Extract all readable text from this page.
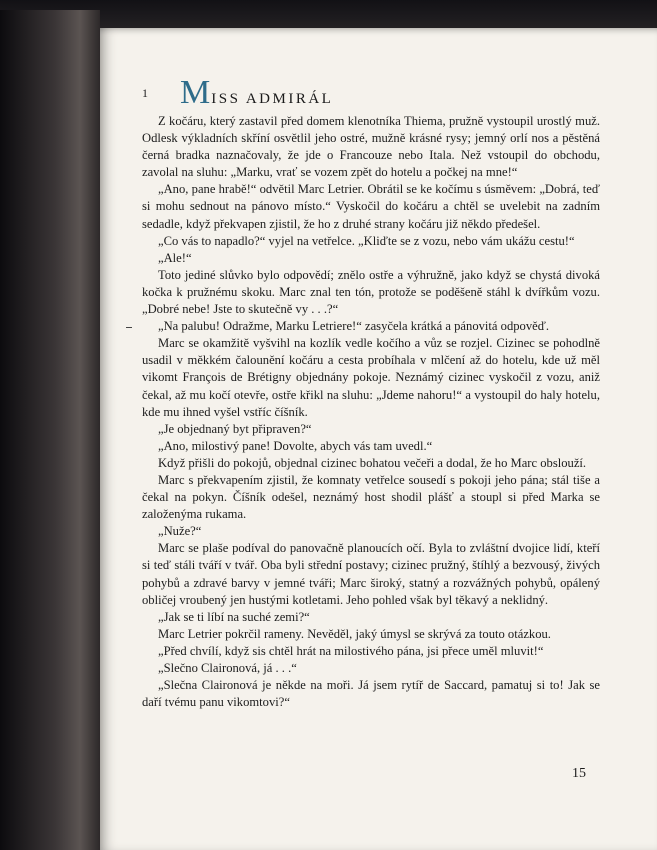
1 MISS ADMIRÁL

Z kočáru, který zastavil před domem klenotníka Thiema, pružně vystoupil urostlý muž. Odlesk výkladních skříní osvětlil jeho ostré, mužně krásné rysy; jemný orlí nos a pěstěná černá bradka naznačovaly, že jde o Francouze nebo Itala. Než vstoupil do obchodu, zavolal na sluhu: „Marku, vrať se vozem zpět do hotelu a počkej na mne!“

„Ano, pane hrabě!“ odvětil Marc Letrier. Obrátil se ke kočímu s úsměvem: „Dobrá, teď si mohu sednout na pánovo místo.“ Vyskočil do kočáru a chtěl se uvelebit na zadním sedadle, když překvapen zjistil, že ho z druhé strany kočáru již někdo předešel.

„Co vás to napadlo?“ vyjel na vetřelce. „Kliďte se z vozu, nebo vám ukážu cestu!“

„Ale!“

Toto jediné slůvko bylo odpovědí; znělo ostře a výhružně, jako když se chystá divoká kočka k pružnému skoku. Marc znal ten tón, protože se poděšeně stáhl k dvířkům vozu. „Dobré nebe! Jste to skutečně vy . . .?“

„Na palubu! Odražme, Marku Letriere!“ zasyčela krátká a pánovitá odpověď.

Marc se okamžitě vyšvihl na kozlík vedle kočího a vůz se rozjel. Cizinec se pohodlně usadil v měkkém čalounění kočáru a cesta probíhala v mlčení až do hotelu, kde už měl vikomt François de Brétigny objednány pokoje. Neznámý cizinec vyskočil z vozu, aniž čekal, až mu kočí otevře, ostře křikl na sluhu: „Jdeme nahoru!“ a vystoupil do haly hotelu, kde mu ihned vyšel vstříc číšník.

„Je objednaný byt připraven?“

„Ano, milostivý pane! Dovolte, abych vás tam uvedl.“

Když přišli do pokojů, objednal cizinec bohatou večeři a dodal, že ho Marc obslouží.

Marc s překvapením zjistil, že komnaty vetřelce sousedí s pokoji jeho pána; stál tiše a čekal na pokyn. Číšník odešel, neznámý host shodil plášť a stoupl si před Marka se založenýma rukama.

„Nuže?“

Marc se plaše podíval do panovačně planoucích očí. Byla to zvláštní dvojice lidí, kteří si teď stáli tváří v tvář. Oba byli střední postavy; cizinec pružný, štíhlý a bezvousý, živých pohybů a zdravé barvy v jemné tváři; Marc široký, statný a rozvážných pohybů, opálený obličej vroubený jen hustými kotletami. Jeho pohled však byl těkavý a neklidný.

„Jak se ti líbí na suché zemi?“

Marc Letrier pokrčil rameny. Nevěděl, jaký úmysl se skrývá za touto otázkou.

„Před chvílí, když sis chtěl hrát na milostivého pána, jsi přece uměl mluvit!“

„Slečno Claironová, já . . .“

„Slečna Claironová je někde na moři. Já jsem rytíř de Saccard, pamatuj si to! Jak se daří tvému panu vikomtovi?“

15
